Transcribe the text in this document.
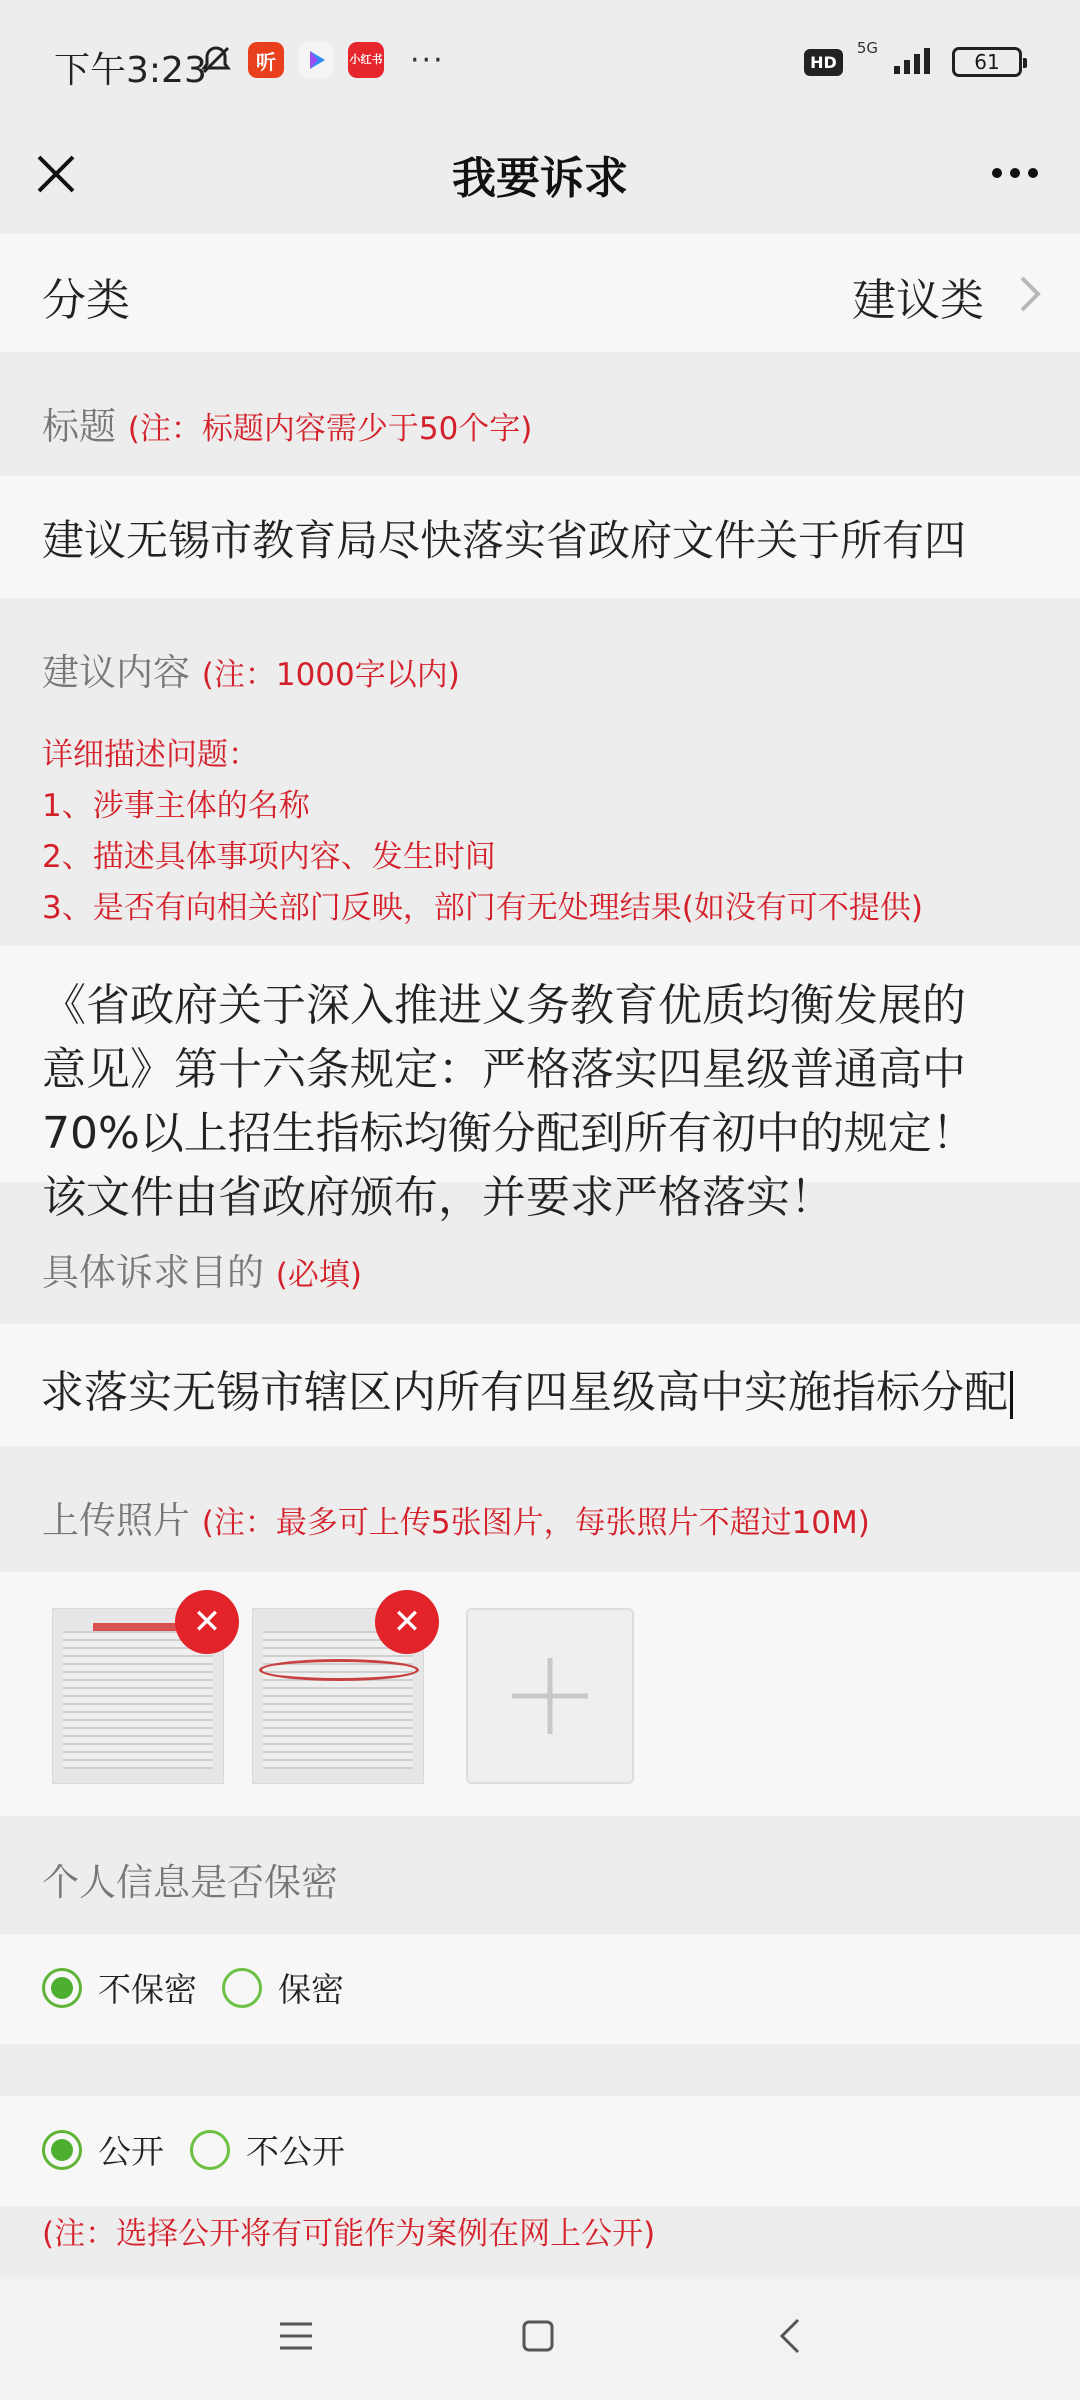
下午3:23	听	小红书 ···	HD
5G
61
我要诉求
分类	建议类
标题 (注：标题内容需少于50个字)
建议无锡市教育局尽快落实省政府文件关于所有四
建议内容 (注：1000字以内)
详细描述问题：
1、涉事主体的名称
2、描述具体事项内容、发生时间
3、是否有向相关部门反映，部门有无处理结果(如没有可不提供)
《省政府关于深入推进义务教育优质均衡发展的
意见》第十六条规定：严格落实四星级普通高中
70%以上招生指标均衡分配到所有初中的规定！
该文件由省政府颁布，并要求严格落实！
具体诉求目的 (必填)
求落实无锡市辖区内所有四星级高中实施指标分配
上传照片 (注：最多可上传5张图片，每张照片不超过10M)
✕	✕
个人信息是否保密
不保密 保密
公开 不公开
(注：选择公开将有可能作为案例在网上公开)
